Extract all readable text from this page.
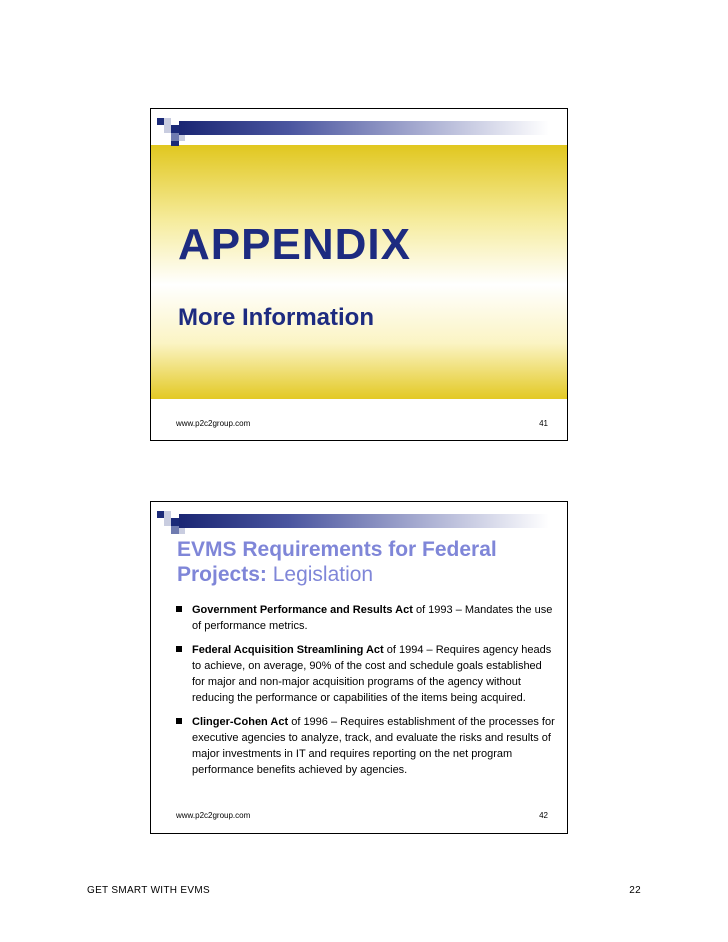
APPENDIX
More Information
www.p2c2group.com	41
EVMS Requirements for Federal Projects: Legislation
Government Performance and Results Act of 1993 – Mandates the use of performance metrics.
Federal Acquisition Streamlining Act of 1994 – Requires agency heads to achieve, on average, 90% of the cost and schedule goals established for major and non-major acquisition programs of the agency without reducing the performance or capabilities of the items being acquired.
Clinger-Cohen Act of 1996 – Requires establishment of the processes for executive agencies to analyze, track, and evaluate the risks and results of major investments in IT and requires reporting on the net program performance benefits achieved by agencies.
www.p2c2group.com	42
GET SMART WITH EVMS	22
